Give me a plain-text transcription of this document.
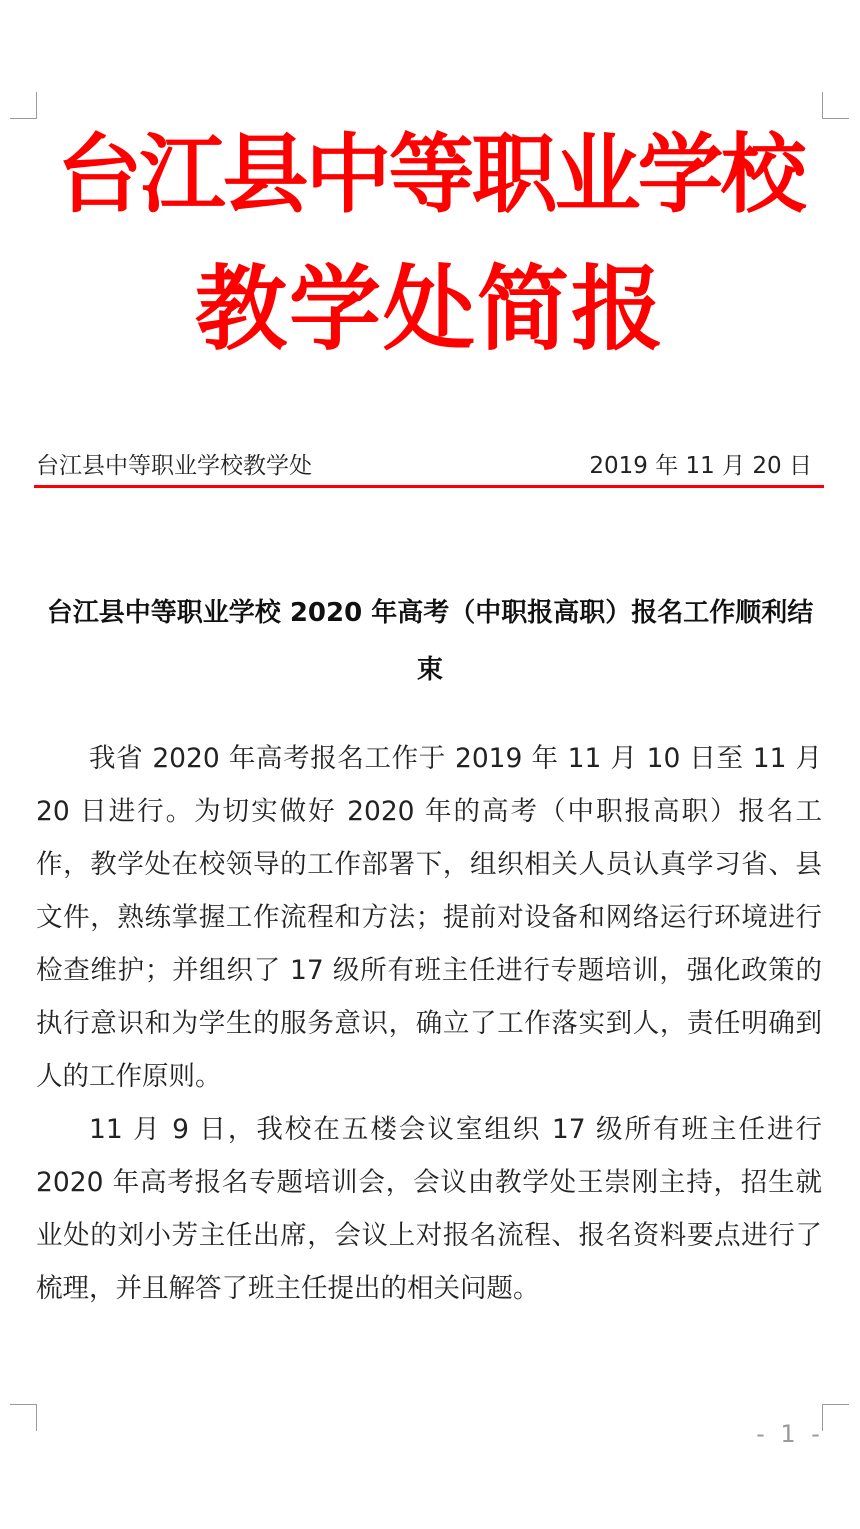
台江县中等职业学校
教学处简报
台江县中等职业学校教学处	2019 年 11 月 20 日
台江县中等职业学校 2020 年高考（中职报高职）报名工作顺利结束
我省 2020 年高考报名工作于 2019 年 11 月 10 日至 11 月 20 日进行。为切实做好 2020 年的高考（中职报高职）报名工作，教学处在校领导的工作部署下，组织相关人员认真学习省、县文件，熟练掌握工作流程和方法；提前对设备和网络运行环境进行检查维护；并组织了 17 级所有班主任进行专题培训，强化政策的执行意识和为学生的服务意识，确立了工作落实到人，责任明确到人的工作原则。
11 月 9 日，我校在五楼会议室组织 17 级所有班主任进行 2020 年高考报名专题培训会，会议由教学处王崇刚主持，招生就业处的刘小芳主任出席，会议上对报名流程、报名资料要点进行了梳理，并且解答了班主任提出的相关问题。
- 1 -
